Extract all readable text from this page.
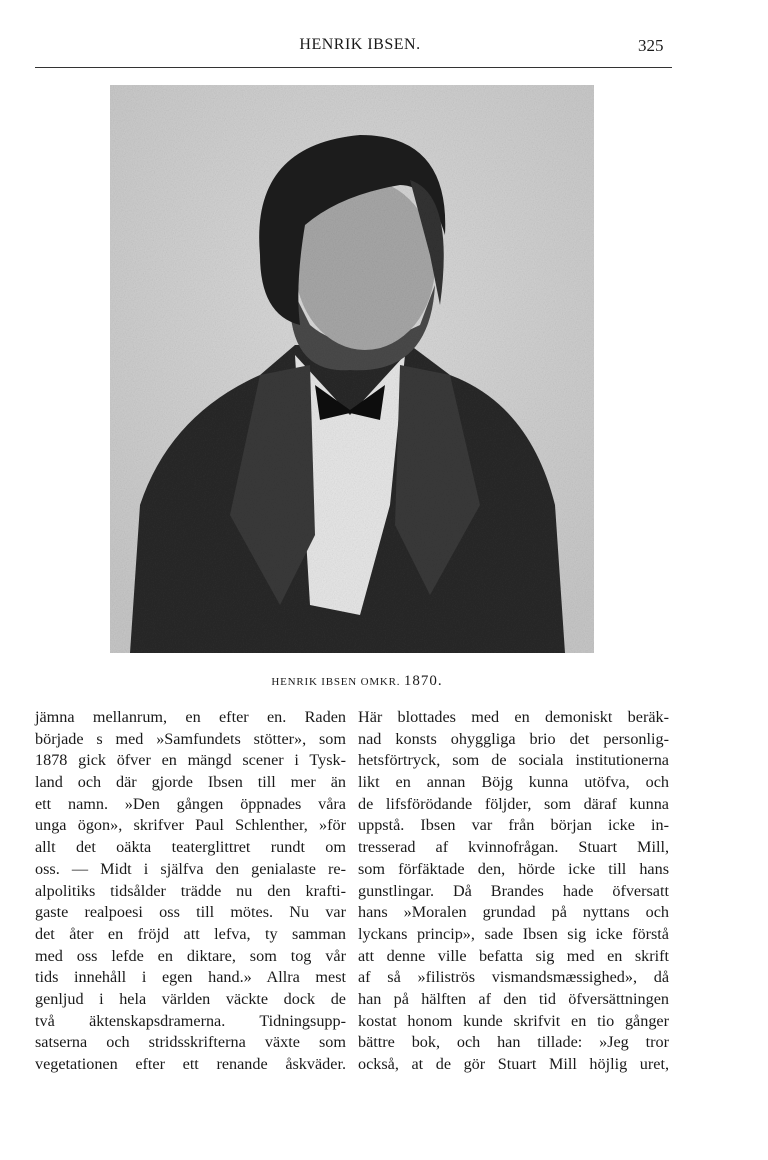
HENRIK IBSEN.	325
HENRIK IBSEN OMKR. 1870.
jämna mellanrum, en efter en. Raden
började s med »Samfundets stötter», som
1878 gick öfver en mängd scener i Tysk-
land och där gjorde Ibsen till mer än
ett namn. »Den gången öppnades våra
unga ögon», skrifver Paul Schlenther, »för
allt det oäkta teaterglittret rundt om
oss. — Midt i själfva den genialaste re-
alpolitiks tidsålder trädde nu den krafti-
gaste realpoesi oss till mötes. Nu var
det åter en fröjd att lefva, ty samman
med oss lefde en diktare, som tog vår
tids innehåll i egen hand.» Allra mest
genljud i hela världen väckte dock de
två äktenskapsdramerna. Tidningsupp-
satserna och stridsskrifterna växte som
vegetationen efter ett renande åskväder.
Här blottades med en demoniskt beräk-
nad konsts ohyggliga brio det personlig-
hetsförtryck, som de sociala institutionerna
likt en annan Böjg kunna utöfva, och
de lifsförödande följder, som däraf kunna
uppstå. Ibsen var från början icke in-
tresserad af kvinnofrågan. Stuart Mill,
som förfäktade den, hörde icke till hans
gunstlingar. Då Brandes hade öfversatt
hans »Moralen grundad på nyttans och
lyckans princip», sade Ibsen sig icke förstå
att denne ville befatta sig med en skrift
af så »filiströs vismandsmæssighed», då
han på hälften af den tid öfversättningen
kostat honom kunde skrifvit en tio gånger
bättre bok, och han tillade: »Jeg tror
också, at de gör Stuart Mill höjlig uret,
